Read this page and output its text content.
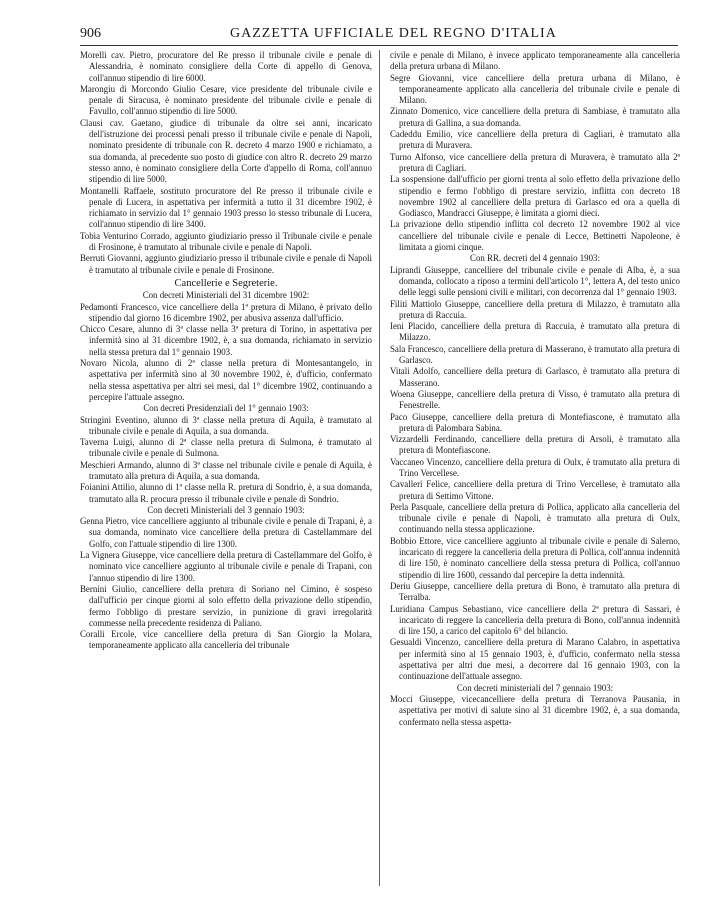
906	GAZZETTA UFFICIALE DEL REGNO D'ITALIA

Morelli cav. Pietro, procuratore del Re presso il tribunale civile e penale di Alessandria, è nominato consigliere della Corte di appello di Genova, coll'annuo stipendio di lire 6000.

Marongiu di Morcondo Giulio Cesare, vice presidente del tribunale civile e penale di Siracusa, è nominato presidente del tribunale civile e penale di Favullo, coll'annuo stipendio di lire 5000.

Clausi cav. Gaetano, giudice di tribunale da oltre sei anni, incaricato dell'istruzione dei processi penali presso il tribunale civile e penale di Napoli, nominato presidente di tribunale con R. decreto 4 marzo 1900 e richiamato, a sua domanda, al precedente suo posto di giudice con altro R. decreto 29 marzo stesso anno, è nominato consigliere della Corte d'appello di Roma, coll'annuo stipendio di lire 5000.

Montanelli Raffaele, sostituto procuratore del Re presso il tribunale civile e penale di Lucera, in aspettativa per infermità a tutto il 31 dicembre 1902, è richiamato in servizio dal 1° gennaio 1903 presso lo stesso tribunale di Lucera, coll'annuo stipendio di lire 3400.

Tobia Venturino Corrado, aggiunto giudiziario presso il Tribunale civile e penale di Frosinone, è tramutato al tribunale civile e penale di Napoli.

Berruti Giovanni, aggiunto giudiziario presso il tribunale civile e penale di Napoli è tramutato al tribunale civile e penale di Frosinone.

Cancellerie e Segreterie.

Con decreti Ministeriali del 31 dicembre 1902:

Pedamonti Francesco, vice cancelliere della 1ª pretura di Milano, è privato dello stipendio dal giorno 16 dicembre 1902, per abusiva assenza dall'ufficio.

Chicco Cesare, alunno di 3ª classe nella 3ª pretura di Torino, in aspettativa per infermità sino al 31 dicembre 1902, è, a sua domanda, richiamato in servizio nella stessa pretura dal 1° gennaio 1903.

Novaro Nicola, alunno di 2ª classe nella pretura di Montesantangelo, in aspettativa per infermità sino al 30 novembre 1902, è, d'ufficio, confermato nella stessa aspettativa per altri sei mesi, dal 1° dicembre 1902, continuando a percepire l'attuale assegno.

Con decreti Presidenziali del 1° gennaio 1903:

Stringini Eventino, alunno di 3ª classe nella pretura di Aquila, è tramutato al tribunale civile e penale di Aquila, a sua domanda.

Taverna Luigi, alunno di 2ª classe nella pretura di Sulmona, è tramutato al tribunale civile e penale di Sulmona.

Meschieri Armando, alunno di 3ª classe nel tribunale civile e penale di Aquila, è tramutato alla pretura di Aquila, a sua domanda.

Foianini Attilio, alunno di 1ª classe nella R. pretura di Sondrio, è, a sua domanda, tramutato alla R. procura presso il tribunale civile e penale di Sondrio.

Con decreti Ministeriali del 3 gennaio 1903:

Genna Pietro, vice cancelliere aggiunto al tribunale civile e penale di Trapani, è, a sua domanda, nominato vice cancelliere della pretura di Castellammare del Golfo, con l'attuale stipendio di lire 1300.

La Vignera Giuseppe, vice cancelliere della pretura di Castellammare del Golfo, è nominato vice cancelliere aggiunto al tribunale civile e penale di Trapani, con l'annuo stipendio di lire 1300.

Bernini Giulio, cancelliere della pretura di Soriano nel Cimino, è sospeso dall'ufficio per cinque giorni al solo effetto della privazione dello stipendio, fermo l'obbligo di prestare servizio, in punizione di gravi irregolarità commesse nella precedente residenza di Paliano.

Coralli Ercole, vice cancelliere della pretura di San Giorgio la Molara, temporaneamente applicato alla cancelleria del tribunale

civile e penale di Milano, è invece applicato temporaneamente alla cancelleria della pretura urbana di Milano.

Segre Giovanni, vice cancelliere della pretura urbana di Milano, è temporaneamente applicato alla cancelleria del tribunale civile e penale di Milano.

Zinnato Domenico, vice cancelliere della pretura di Sambiase, è tramutato alla pretura di Gallina, a sua domanda.

Cadeddu Emilio, vice cancelliere della pretura di Cagliari, è tramutato alla pretura di Muravera.

Turno Alfonso, vice cancelliere della pretura di Muravera, è tramutato alla 2ª pretura di Cagliari.

La sospensione dall'ufficio per giorni trenta al solo effetto della privazione dello stipendio e fermo l'obbligo di prestare servizio, inflitta con decreto 18 novembre 1902 al cancelliere della pretura di Garlasco ed ora a quella di Godiasco, Mandracci Giuseppe, è limitata a giorni dieci.

La privazione dello stipendio inflitta col decreto 12 novembre 1902 al vice cancelliere del tribunale civile e penale di Lecce, Bettinetti Napoleone, è limitata a giorni cinque.

Con RR. decreti del 4 gennaio 1903:

Liprandi Giuseppe, cancelliere del tribunale civile e penale di Alba, è, a sua domanda, collocato a riposo a termini dell'articolo 1°, lettera A, del testo unico delle leggi sulle pensioni civili e militari, con decorrenza dal 1° gennaio 1903.

Filiti Mattiolo Giuseppe, cancelliere della pretura di Milazzo, è tramutato alla pretura di Raccuia.

Ieni Placido, cancelliere della pretura di Raccuia, è tramutato alla pretura di Milazzo.

Sala Francesco, cancelliere della pretura di Masserano, è tramutato alla pretura di Garlasco.

Vitali Adolfo, cancelliere della pretura di Garlasco, è tramutato alla pretura di Masserano.

Woena Giuseppe, cancelliere della pretura di Visso, è tramutato alla pretura di Fenestrelle.

Paco Giuseppe, cancelliere della pretura di Montefiascone, è tramutato alla pretura di Palombara Sabina.

Vizzardelli Ferdinando, cancelliere della pretura di Arsoli, è tramutato alla pretura di Montefiascone.

Vaccaneo Vincenzo, cancelliere della pretura di Oulx, è tramutato alla pretura di Trino Vercellese.

Cavalleri Felice, cancelliere della pretura di Trino Vercellese, è tramutato alla pretura di Settimo Vittone.

Perla Pasquale, cancelliere della pretura di Pollica, applicato alla cancelleria del tribunale civile e penale di Napoli, è tramutato alla pretura di Oulx, continuando nella stessa applicazione.

Bobbio Ettore, vice cancelliere aggiunto al tribunale civile e penale di Salerno, incaricato di reggere la cancelleria della pretura di Pollica, coll'annua indennità di lire 150, è nominato cancelliere della stessa pretura di Pollica, coll'annuo stipendio di lire 1600, cessando dal percepire la detta indennità.

Deriu Giuseppe, cancelliere della pretura di Bono, è tramutato alla pretura di Terralba.

Luridiana Campus Sebastiano, vice cancelliere della 2ª pretura di Sassari, è incaricato di reggere la cancelleria della pretura di Bono, coll'annua indennità di lire 150, a carico del capitolo 6° del bilancio.

Gesualdi Vincenzo, cancelliere della pretura di Marano Calabro, in aspettativa per infermità sino al 15 gennaio 1903, è, d'ufficio, confermato nella stessa aspettativa per altri due mesi, a decorrere dal 16 gennaio 1903, con la continuazione dell'attuale assegno.

Con decreti ministeriali del 7 gennaio 1903:

Mocci Giuseppe, vicecancelliere della pretura di Terranova Pausania, in aspettativa per motivi di salute sino al 31 dicembre 1902, è, a sua domanda, confermato nella stessa aspetta-
